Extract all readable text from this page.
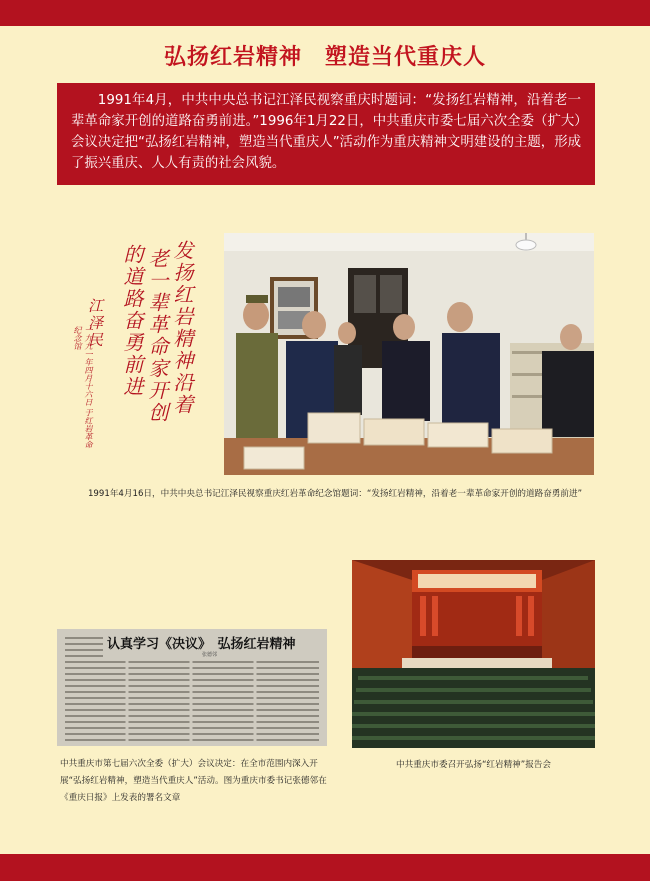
弘扬红岩精神　塑造当代重庆人
1991年4月，中共中央总书记江泽民视察重庆时题词：“发扬红岩精神，沿着老一辈革命家开创的道路奋勇前进。”1996年1月22日，中共重庆市委七届六次全委（扩大）会议决定把“弘扬红岩精神，塑造当代重庆人”活动作为重庆精神文明建设的主题，形成了振兴重庆、人人有责的社会风貌。
发扬红岩精神沿着
老一辈革命家开创
的道路奋勇前进
江泽民
一九九一年四月十六日 于红岩革命纪念馆
1991年4月16日，中共中央总书记江泽民视察重庆红岩革命纪念馆题词：“发扬红岩精神，沿着老一辈革命家开创的道路奋勇前进”
认真学习《决议》　弘扬红岩精神
张德邻
中共重庆市第七届六次全委（扩大）会议决定：在全市范围内深入开展“弘扬红岩精神，塑造当代重庆人”活动。图为重庆市委书记张德邻在《重庆日报》上发表的署名文章
中共重庆市委召开弘扬“红岩精神”报告会
